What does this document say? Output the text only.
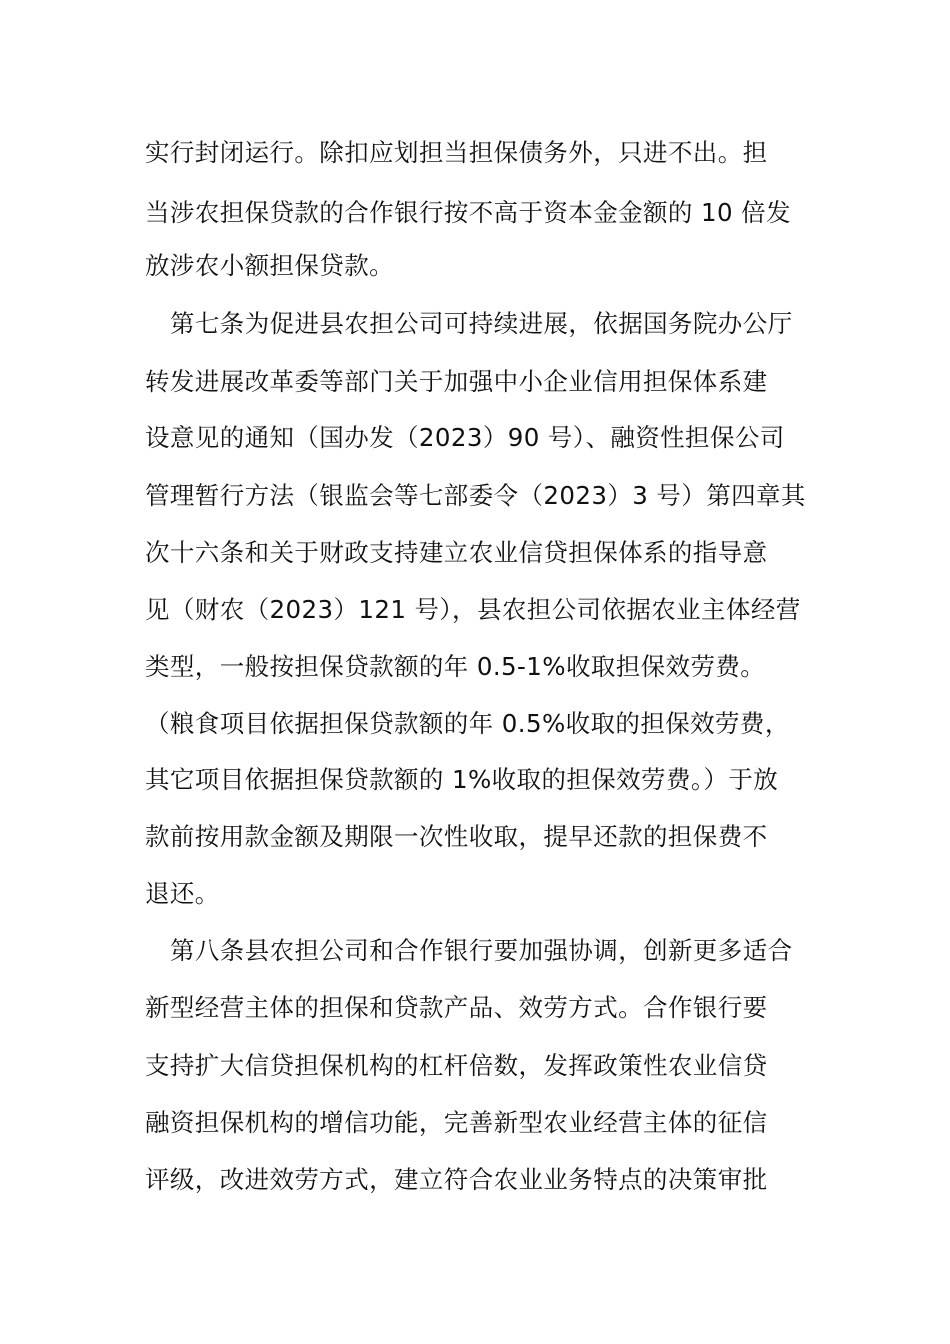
实行封闭运行。除扣应划担当担保债务外，只进不出。担
当涉农担保贷款的合作银行按不高于资本金金额的 10 倍发
放涉农小额担保贷款。
第七条为促进县农担公司可持续进展，依据国务院办公厅
转发进展改革委等部门关于加强中小企业信用担保体系建
设意见的通知（国办发（2023）90 号）、融资性担保公司
管理暂行方法（银监会等七部委令（2023）3 号）第四章其
次十六条和关于财政支持建立农业信贷担保体系的指导意
见（财农（2023）121 号），县农担公司依据农业主体经营
类型，一般按担保贷款额的年 0.5-1%收取担保效劳费。
（粮食项目依据担保贷款额的年 0.5%收取的担保效劳费，
其它项目依据担保贷款额的 1%收取的担保效劳费。）于放
款前按用款金额及期限一次性收取，提早还款的担保费不
退还。
第八条县农担公司和合作银行要加强协调，创新更多适合
新型经营主体的担保和贷款产品、效劳方式。合作银行要
支持扩大信贷担保机构的杠杆倍数，发挥政策性农业信贷
融资担保机构的增信功能，完善新型农业经营主体的征信
评级，改进效劳方式，建立符合农业业务特点的决策审批
